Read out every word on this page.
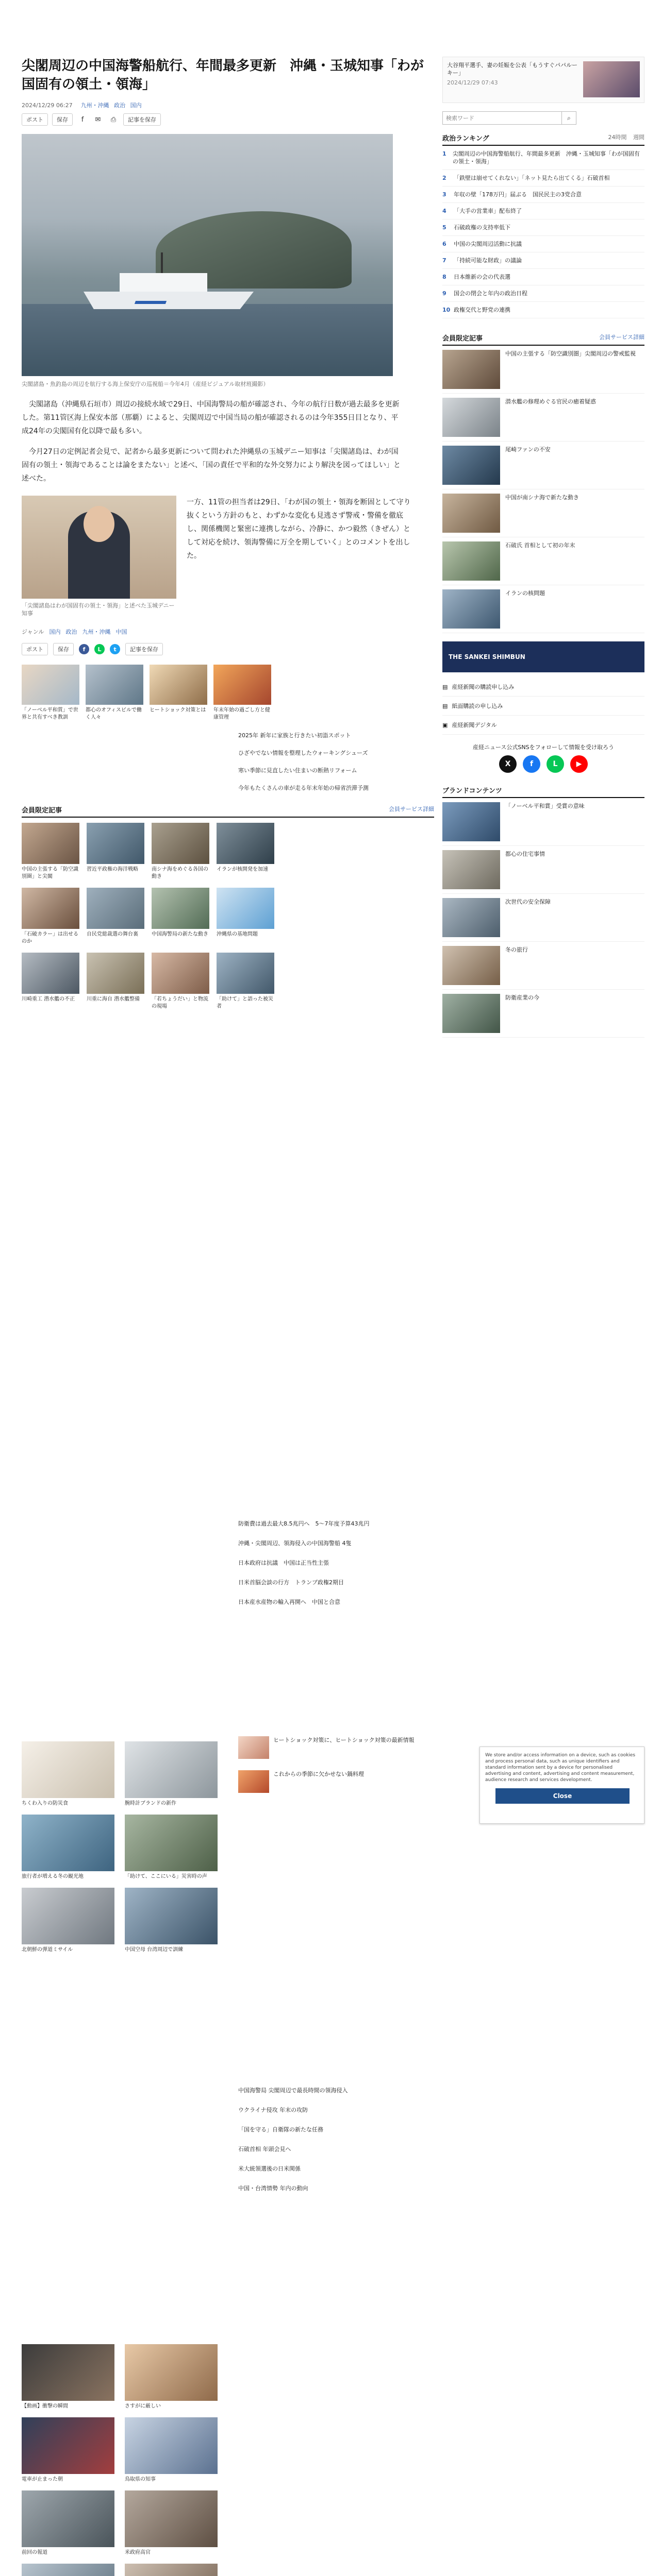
尖閣周辺の中国海警船航行、年間最多更新　沖縄・玉城知事「わが国固有の領土・領海」
2024/12/29 06:27 九州・沖縄 政治 国内
ポスト	保存	f	✉	⎙	記事を保存
尖閣諸島・魚釣島の周辺を航行する海上保安庁の巡視船＝今年4月（産経ビジュアル取材班撮影）

尖閣諸島（沖縄県石垣市）周辺の接続水域で29日、中国海警局の船が確認され、今年の航行日数が過去最多を更新した。第11管区海上保安本部（那覇）によると、尖閣周辺で中国当局の船が確認されるのは今年355日目となり、平成24年の尖閣国有化以降で最も多い。

今月27日の定例記者会見で、記者から最多更新について問われた沖縄県の玉城デニー知事は「尖閣諸島は、わが国固有の領土・領海であることは論をまたない」と述べ、「国の責任で平和的な外交努力により解決を図ってほしい」と述べた。

「尖閣諸島はわが国固有の領土・領海」と述べた玉城デニー知事
一方、11管の担当者は29日、「わが国の領土・領海を断固として守り抜くという方針のもと、わずかな変化も見逃さず警戒・警備を徹底し、関係機関と緊密に連携しながら、冷静に、かつ毅然（きぜん）として対応を続け、領海警備に万全を期していく」とのコメントを出した。
ジャンル 国内 政治 九州・沖縄 中国
ポスト	保存	f	L	t	記事を保存
「ノーベル平和賞」で世界と共有すべき教訓
都心のオフィスビルで働く人々
ヒートショック対策とは 年末年始の過ごし方と健康管理
2025年 新年に家族と行きたい初詣スポット
ひざやでない情報を整理したウォーキングシューズ
寒い季節に見直したい住まいの断熱リフォーム
今年もたくさんの車が走る年末年始の帰省渋滞予測
会員限定記事	会員サービス詳細
中国の主張する「防空識別圏」と尖閣
習近平政権の海洋戦略	南シナ海をめぐる各国の動き
イランが核開発を加速
「石破カラー」は出せるのか
自民党総裁選の舞台裏	中国海警局の新たな動き 沖縄県の基地問題
川崎重工 潜水艦の不正	川重に海自 潜水艦整備	「若ちょうだい」と物流の現場
「助けて」と語った被災者
防衛費は過去最大8.5兆円へ　5〜7年度予算43兆円
沖縄・尖閣周辺、領海侵入の中国海警船 4隻
日本政府は抗議　中国は正当性主張
日米首脳会談の行方　トランプ政権2期目
日本産水産物の輸入再開へ　中国と合意
ちくわ入りの防災食	腕時計ブランドの新作
旅行者が増える冬の観光地	「助けて、ここにいる」災害時の声
北朝鮮の弾道ミサイル	中国空母 台湾周辺で訓練
ヒートショック対策に、ヒートショック対策の最新情報
これからの季節に欠かせない鍋料理
中国海警局 尖閣周辺で最長時間の領海侵入
ウクライナ侵攻 年末の攻防
「国を守る」自衛隊の新たな任務
石破首相 年頭会見へ
米大統領選後の日米関係
中国・台湾情勢 年内の動向
【動画】衝撃の瞬間	さすがに厳しい
電車が止まった朝	鳥取県の知事
前回の報道	米政府高官
大谷翔平選手、妻の妊娠を公表「もうすぐパパルーキー」
2024/12/29 07:43
検索ワード
⌕
政治ランキング	24時間 週間
1	尖閣周辺の中国海警船航行、年間最多更新　沖縄・玉城知事「わが国固有の領土・領海」
2	「鉄壁は崩せてくれない」「ネット見たら出てくる」石破首相
3	年収の壁「178万円」届ぶる　国民民主の3党合意
4	「大手の営業車」配布終了
5	石破政権の支持率低下
6	中国の尖閣周辺活動に抗議
7	「持続可能な財政」の議論
8	日本維新の会の代表選
9	国会の閉会と年内の政治日程
10 政権交代と野党の連携
会員限定記事	会員サービス詳細
中国の主張する「防空識別圏」尖閣周辺の警戒監視
潜水艦の修理めぐる官民の癒着疑惑
尾崎ファンの不安
中国が南シナ海で新たな動き
石破氏 首相として初の年末
イランの核問題
THE SANKEI SHIMBUN
▤ 産経新聞の購読申し込み
▤ 紙面購読の申し込み
▣ 産経新聞デジタル
産経ニュース公式SNSをフォローして情報を受け取ろう
X	f	L	▶
ブランドコンテンツ
「ノーベル平和賞」受賞の意味
都心の住宅事情
次世代の安全保障
冬の旅行
防衛産業の今
We store and/or access information on a device, such as cookies and process personal data, such as unique identifiers and standard information sent by a device for personalised advertising and content, advertising and content measurement, audience research and services development.
Close
